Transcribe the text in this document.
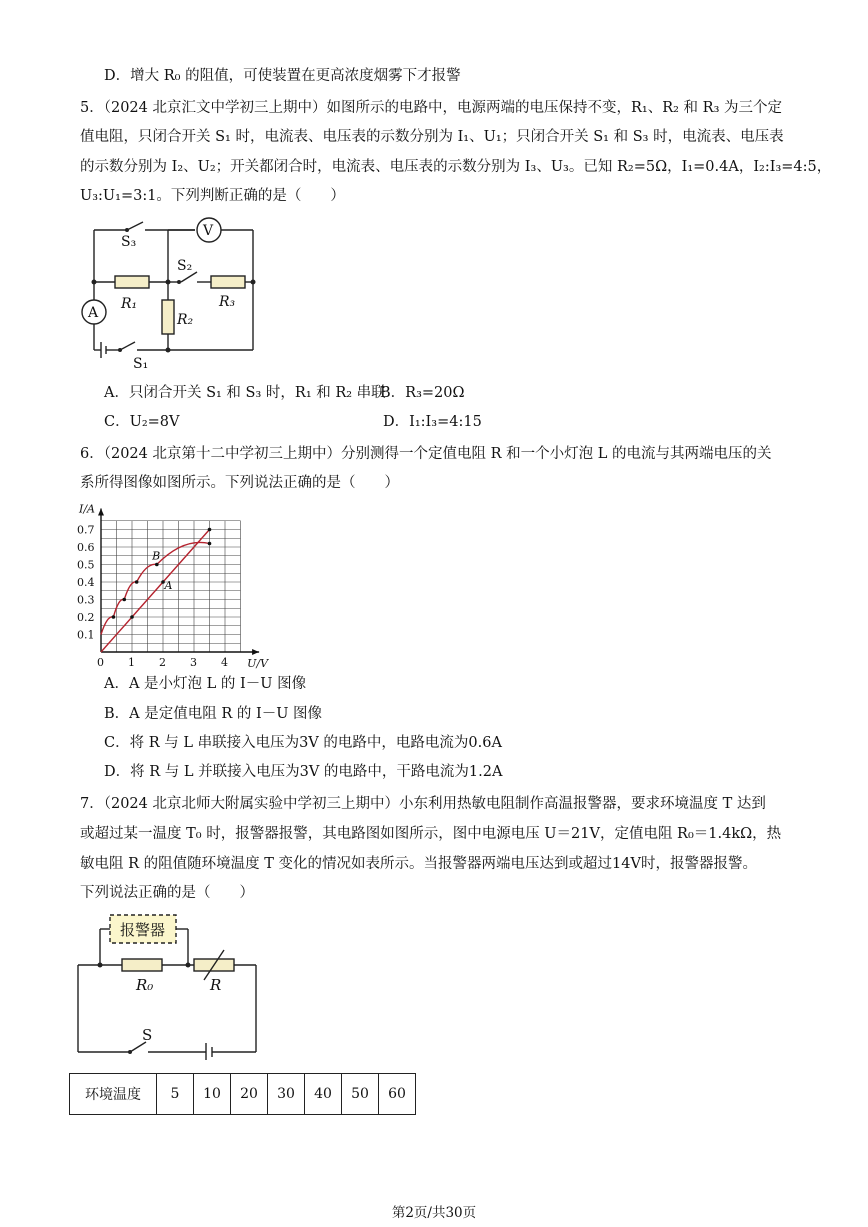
D．增大 R₀ 的阻值，可使装置在更高浓度烟雾下才报警
5．（2024 北京汇文中学初三上期中）如图所示的电路中，电源两端的电压保持不变，R₁、R₂ 和 R₃ 为三个定
值电阻，只闭合开关 S₁ 时，电流表、电压表的示数分别为 I₁、U₁；只闭合开关 S₁ 和 S₃ 时，电流表、电压表
的示数分别为 I₂、U₂；开关都闭合时，电流表、电压表的示数分别为 I₃、U₃。已知 R₂=5Ω，I₁=0.4A，I₂:I₃=4:5，
U₃:U₁=3:1。下列判断正确的是（　　）
S₃
V
S₂
R₁	R₃
A	R₂
S₁
A．只闭合开关 S₁ 和 S₃ 时，R₁ 和 R₂ 串联
B．R₃=20Ω
C．U₂=8V	D．I₁:I₃=4:15
6．（2024 北京第十二中学初三上期中）分别测得一个定值电阻 R 和一个小灯泡 L 的电流与其两端电压的关
系所得图像如图所示。下列说法正确的是（　　）
0 1 2 3 4
0.1
0.2
0.3
0.4
0.5
0.6
0.7
I/A
U/V
B
A
A．A 是小灯泡 L 的 I－U 图像
B．A 是定值电阻 R 的 I－U 图像
C．将 R 与 L 串联接入电压为3V 的电路中，电路电流为0.6A
D．将 R 与 L 并联接入电压为3V 的电路中，干路电流为1.2A
7．（2024 北京北师大附属实验中学初三上期中）小东利用热敏电阻制作高温报警器，要求环境温度 T 达到
或超过某一温度 T₀ 时，报警器报警，其电路图如图所示，图中电源电压 U＝21V，定值电阻 R₀＝1.4kΩ，热
敏电阻 R 的阻值随环境温度 T 变化的情况如表所示。当报警器两端电压达到或超过14V时，报警器报警。
下列说法正确的是（　　）
报警器
R₀	R
S
环境温度	5	10	20	30	40	50	60
第2页/共30页
